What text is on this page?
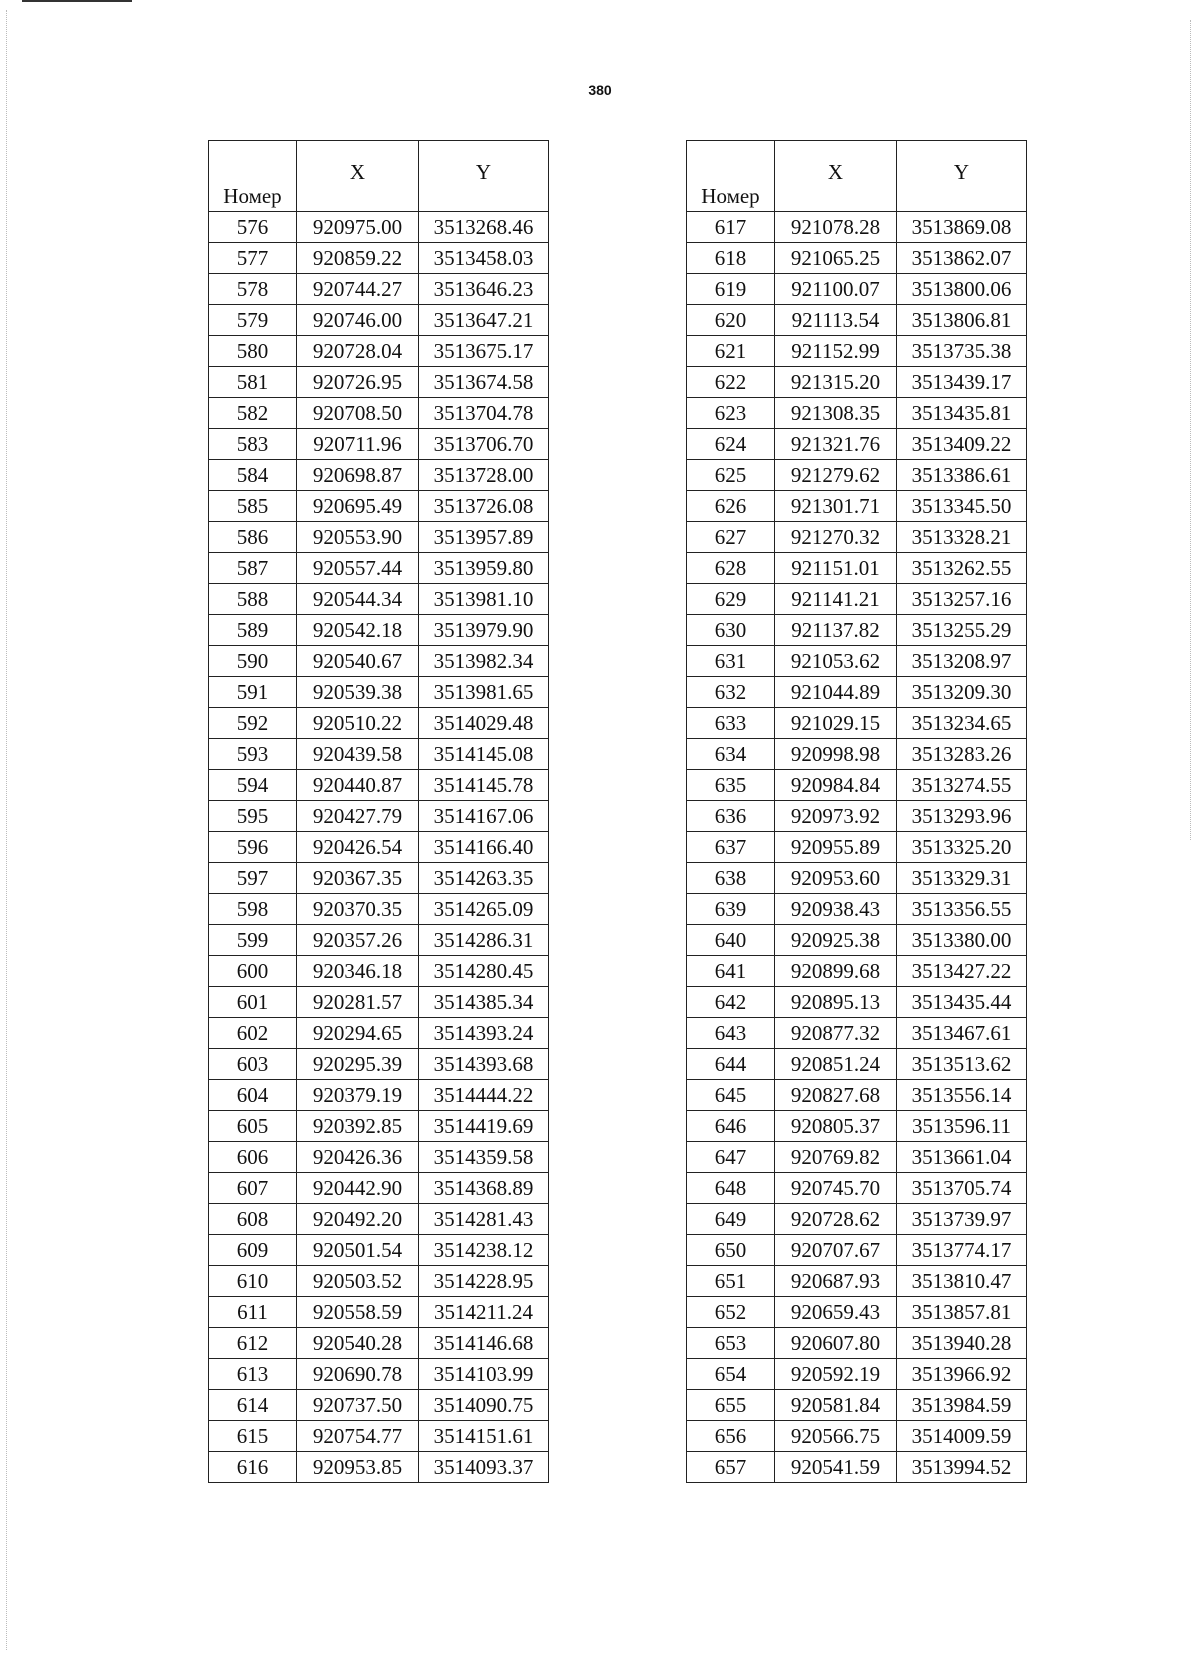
380
Номер	X	Y
576	920975.00	3513268.46
577	920859.22	3513458.03
578	920744.27	3513646.23
579	920746.00	3513647.21
580	920728.04	3513675.17
581	920726.95	3513674.58
582	920708.50	3513704.78
583	920711.96	3513706.70
584	920698.87	3513728.00
585	920695.49	3513726.08
586	920553.90	3513957.89
587	920557.44	3513959.80
588	920544.34	3513981.10
589	920542.18	3513979.90
590	920540.67	3513982.34
591	920539.38	3513981.65
592	920510.22	3514029.48
593	920439.58	3514145.08
594	920440.87	3514145.78
595	920427.79	3514167.06
596	920426.54	3514166.40
597	920367.35	3514263.35
598	920370.35	3514265.09
599	920357.26	3514286.31
600	920346.18	3514280.45
601	920281.57	3514385.34
602	920294.65	3514393.24
603	920295.39	3514393.68
604	920379.19	3514444.22
605	920392.85	3514419.69
606	920426.36	3514359.58
607	920442.90	3514368.89
608	920492.20	3514281.43
609	920501.54	3514238.12
610	920503.52	3514228.95
611	920558.59	3514211.24
612	920540.28	3514146.68
613	920690.78	3514103.99
614	920737.50	3514090.75
615	920754.77	3514151.61
616	920953.85	3514093.37
Номер	X	Y
617	921078.28	3513869.08
618	921065.25	3513862.07
619	921100.07	3513800.06
620	921113.54	3513806.81
621	921152.99	3513735.38
622	921315.20	3513439.17
623	921308.35	3513435.81
624	921321.76	3513409.22
625	921279.62	3513386.61
626	921301.71	3513345.50
627	921270.32	3513328.21
628	921151.01	3513262.55
629	921141.21	3513257.16
630	921137.82	3513255.29
631	921053.62	3513208.97
632	921044.89	3513209.30
633	921029.15	3513234.65
634	920998.98	3513283.26
635	920984.84	3513274.55
636	920973.92	3513293.96
637	920955.89	3513325.20
638	920953.60	3513329.31
639	920938.43	3513356.55
640	920925.38	3513380.00
641	920899.68	3513427.22
642	920895.13	3513435.44
643	920877.32	3513467.61
644	920851.24	3513513.62
645	920827.68	3513556.14
646	920805.37	3513596.11
647	920769.82	3513661.04
648	920745.70	3513705.74
649	920728.62	3513739.97
650	920707.67	3513774.17
651	920687.93	3513810.47
652	920659.43	3513857.81
653	920607.80	3513940.28
654	920592.19	3513966.92
655	920581.84	3513984.59
656	920566.75	3514009.59
657	920541.59	3513994.52
